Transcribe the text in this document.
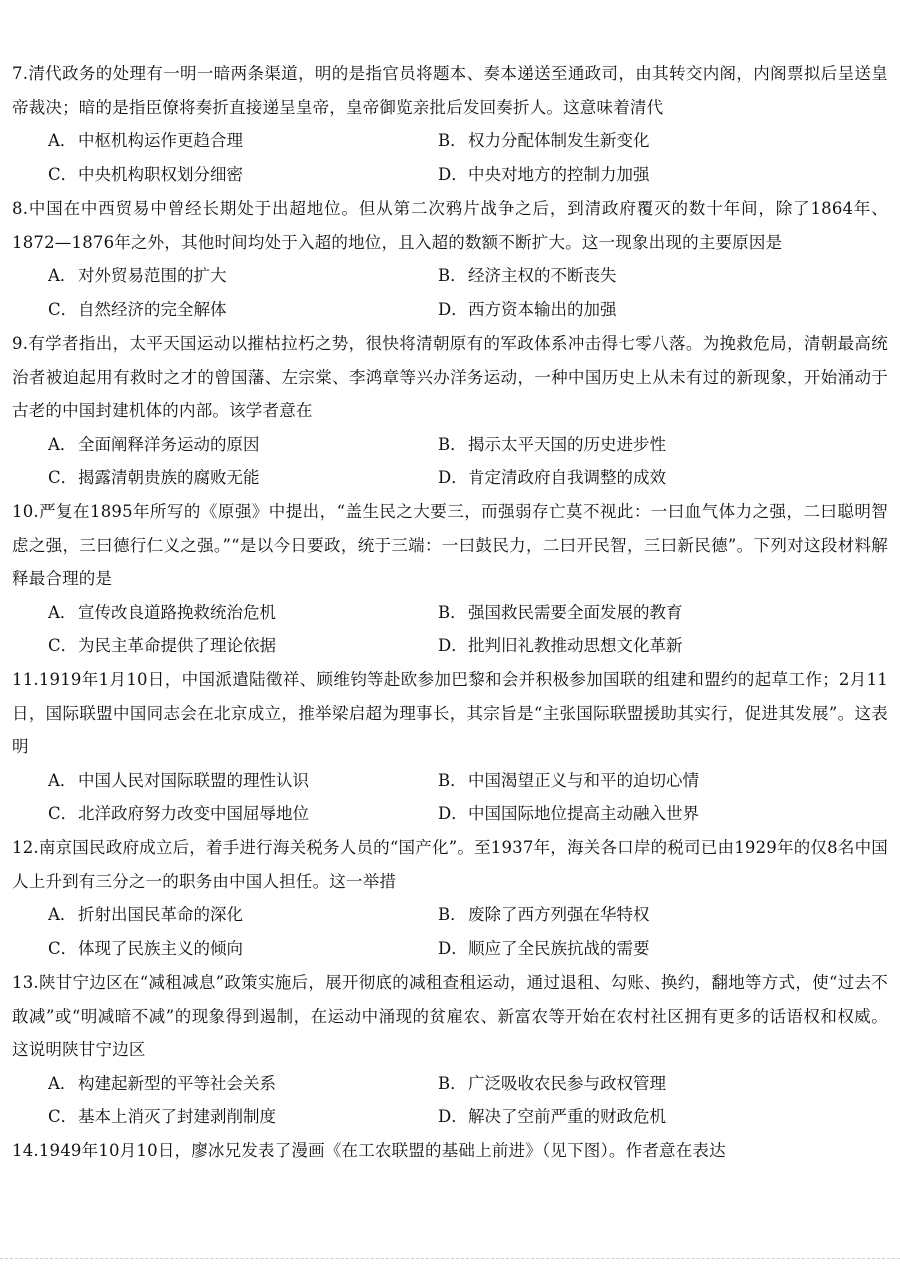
7.清代政务的处理有一明一暗两条渠道，明的是指官员将题本、奏本递送至通政司，由其转交内阁，内阁票拟后呈送皇帝裁决；暗的是指臣僚将奏折直接递呈皇帝，皇帝御览亲批后发回奏折人。这意味着清代
A．中枢机构运作更趋合理	B．权力分配体制发生新变化
C．中央机构职权划分细密	D．中央对地方的控制力加强
8.中国在中西贸易中曾经长期处于出超地位。但从第二次鸦片战争之后，到清政府覆灭的数十年间，除了1864年、1872—1876年之外，其他时间均处于入超的地位，且入超的数额不断扩大。这一现象出现的主要原因是
A．对外贸易范围的扩大	B．经济主权的不断丧失
C．自然经济的完全解体	D．西方资本输出的加强
9.有学者指出，太平天国运动以摧枯拉朽之势，很快将清朝原有的军政体系冲击得七零八落。为挽救危局，清朝最高统治者被迫起用有救时之才的曾国藩、左宗棠、李鸿章等兴办洋务运动，一种中国历史上从未有过的新现象，开始涌动于古老的中国封建机体的内部。该学者意在
A．全面阐释洋务运动的原因	B．揭示太平天国的历史进步性
C．揭露清朝贵族的腐败无能	D．肯定清政府自我调整的成效
10.严复在1895年所写的《原强》中提出，“盖生民之大要三，而强弱存亡莫不视此：一曰血气体力之强，二曰聪明智虑之强，三曰德行仁义之强。”“是以今日要政，统于三端：一曰鼓民力，二曰开民智，三曰新民德”。下列对这段材料解释最合理的是
A．宣传改良道路挽救统治危机	B．强国救民需要全面发展的教育
C．为民主革命提供了理论依据	D．批判旧礼教推动思想文化革新
11.1919年1月10日，中国派遣陆徵祥、顾维钧等赴欧参加巴黎和会并积极参加国联的组建和盟约的起草工作；2月11日，国际联盟中国同志会在北京成立，推举梁启超为理事长，其宗旨是“主张国际联盟援助其实行，促进其发展”。这表明
A．中国人民对国际联盟的理性认识	B．中国渴望正义与和平的迫切心情
C．北洋政府努力改变中国屈辱地位	D．中国国际地位提高主动融入世界
12.南京国民政府成立后，着手进行海关税务人员的“国产化”。至1937年，海关各口岸的税司已由1929年的仅8名中国人上升到有三分之一的职务由中国人担任。这一举措
A．折射出国民革命的深化	B．废除了西方列强在华特权
C．体现了民族主义的倾向	D．顺应了全民族抗战的需要
13.陕甘宁边区在“减租减息”政策实施后，展开彻底的减租查租运动，通过退租、勾账、换约，翻地等方式，使“过去不敢减”或“明减暗不减”的现象得到遏制，在运动中涌现的贫雇农、新富农等开始在农村社区拥有更多的话语权和权威。这说明陕甘宁边区
A．构建起新型的平等社会关系	B．广泛吸收农民参与政权管理
C．基本上消灭了封建剥削制度	D．解决了空前严重的财政危机
14.1949年10月10日，廖冰兄发表了漫画《在工农联盟的基础上前进》（见下图）。作者意在表达
